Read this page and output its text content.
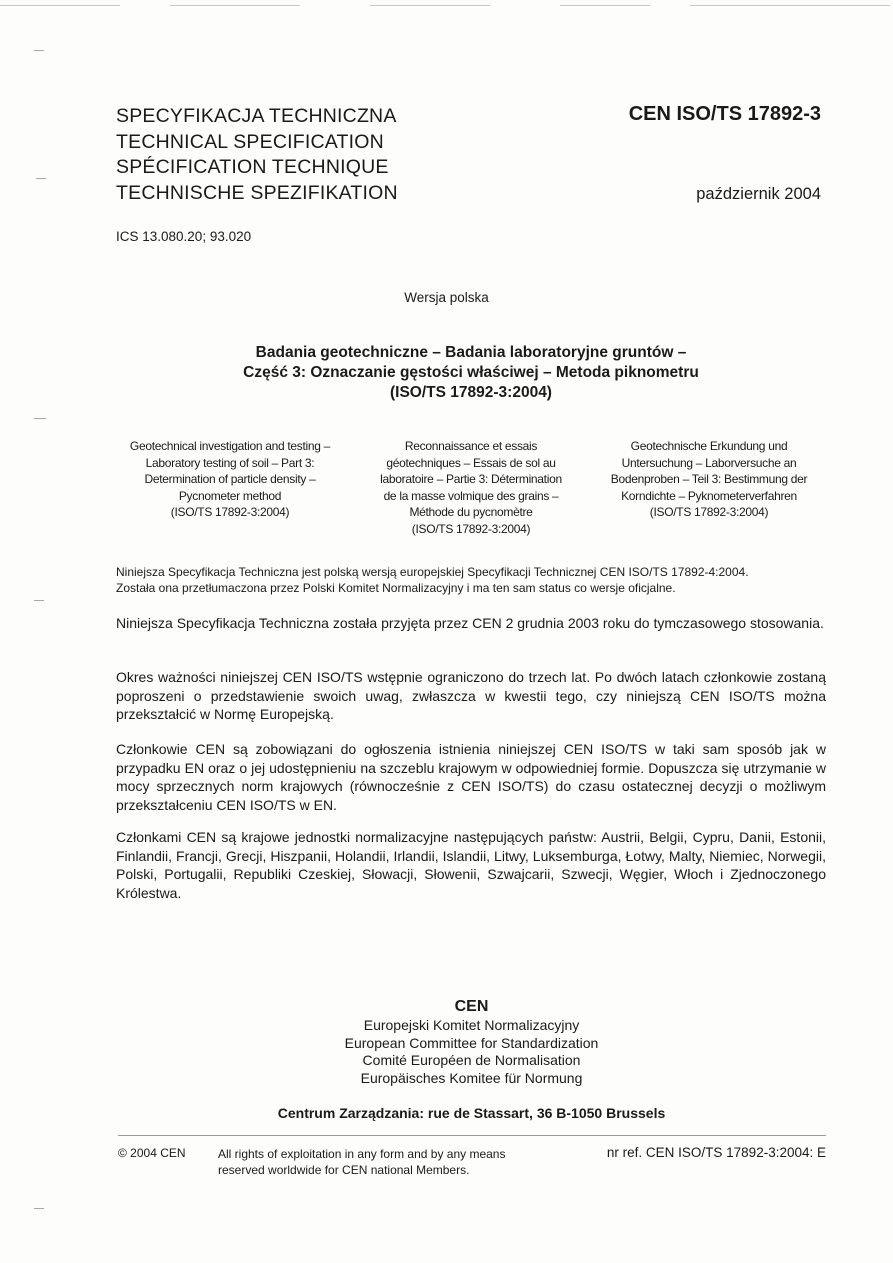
SPECYFIKACJA TECHNICZNA
TECHNICAL SPECIFICATION
SPÉCIFICATION TECHNIQUE
TECHNISCHE SPEZIFIKATION
CEN ISO/TS 17892-3
październik 2004
ICS 13.080.20; 93.020
Wersja polska
Badania geotechniczne – Badania laboratoryjne gruntów –
Część 3: Oznaczanie gęstości właściwej – Metoda piknometru
(ISO/TS 17892-3:2004)
Geotechnical investigation and testing –
Laboratory testing of soil – Part 3:
Determination of particle density –
Pycnometer method
(ISO/TS 17892-3:2004)
Reconnaissance et essais
géotechniques – Essais de sol au
laboratoire – Partie 3: Détermination
de la masse volmique des grains –
Méthode du pycnomètre
(ISO/TS 17892-3:2004)
Geotechnische Erkundung und
Untersuchung – Laborversuche an
Bodenproben – Teil 3: Bestimmung der
Korndichte – Pyknometerverfahren
(ISO/TS 17892-3:2004)
Niniejsza Specyfikacja Techniczna jest polską wersją europejskiej Specyfikacji Technicznej CEN ISO/TS 17892-4:2004.
Została ona przetłumaczona przez Polski Komitet Normalizacyjny i ma ten sam status co wersje oficjalne.
Niniejsza Specyfikacja Techniczna została przyjęta przez CEN 2 grudnia 2003 roku do tymczasowego stosowania.
Okres ważności niniejszej CEN ISO/TS wstępnie ograniczono do trzech lat. Po dwóch latach członkowie zostaną poproszeni o przedstawienie swoich uwag, zwłaszcza w kwestii tego, czy niniejszą CEN ISO/TS można przekształcić w Normę Europejską.
Członkowie CEN są zobowiązani do ogłoszenia istnienia niniejszej CEN ISO/TS w taki sam sposób jak w przypadku EN oraz o jej udostępnieniu na szczeblu krajowym w odpowiedniej formie. Dopuszcza się utrzymanie w mocy sprzecznych norm krajowych (równocześnie z CEN ISO/TS) do czasu ostatecznej decyzji o możliwym przekształceniu CEN ISO/TS w EN.
Członkami CEN są krajowe jednostki normalizacyjne następujących państw: Austrii, Belgii, Cypru, Danii, Estonii, Finlandii, Francji, Grecji, Hiszpanii, Holandii, Irlandii, Islandii, Litwy, Luksemburga, Łotwy, Malty, Niemiec, Norwegii, Polski, Portugalii, Republiki Czeskiej, Słowacji, Słowenii, Szwajcarii, Szwecji, Węgier, Włoch i Zjednoczonego Królestwa.
CEN
Europejski Komitet Normalizacyjny
European Committee for Standardization
Comité Européen de Normalisation
Europäisches Komitee für Normung
Centrum Zarządzania: rue de Stassart, 36 B-1050 Brussels
© 2004 CEN	All rights of exploitation in any form and by any means
reserved worldwide for CEN national Members.
nr ref. CEN ISO/TS 17892-3:2004: E
